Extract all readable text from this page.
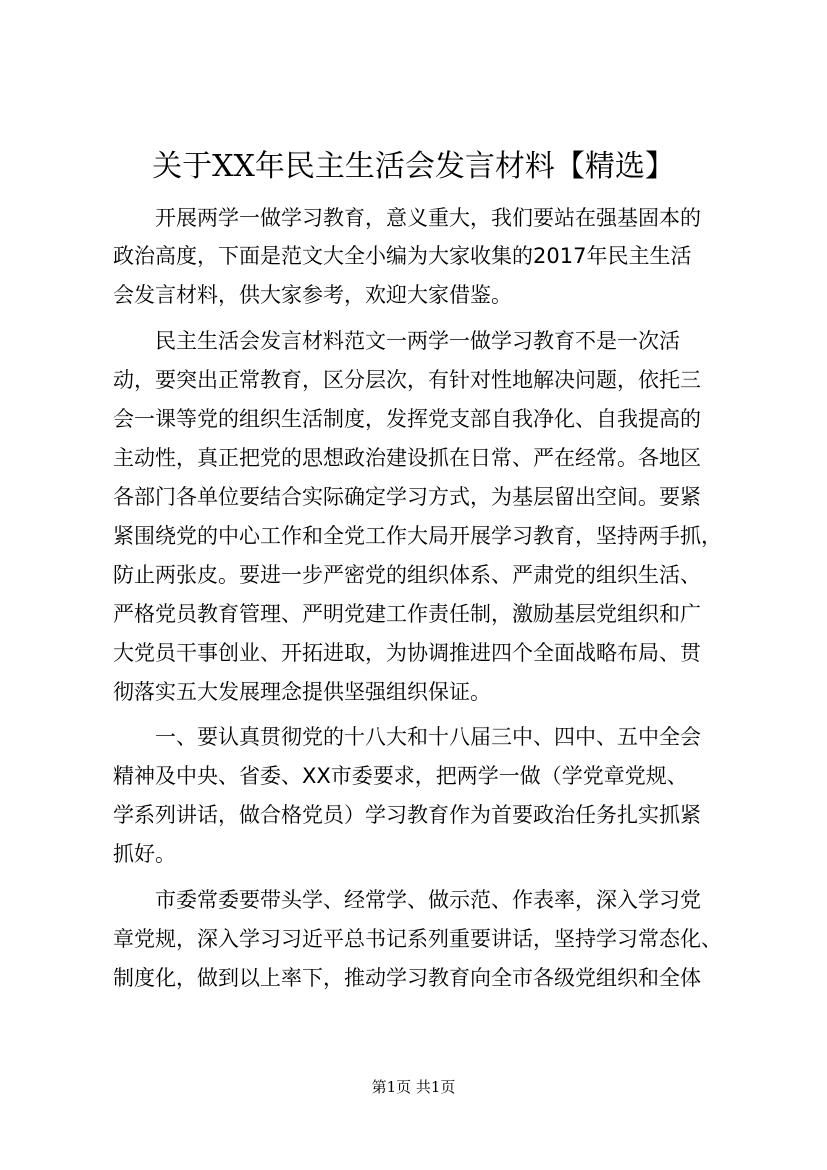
关于XX年民主生活会发言材料【精选】
开展两学一做学习教育，意义重大，我们要站在强基固本的
政治高度，下面是范文大全小编为大家收集的2017年民主生活
会发言材料，供大家参考，欢迎大家借鉴。
民主生活会发言材料范文一两学一做学习教育不是一次活
动，要突出正常教育，区分层次，有针对性地解决问题，依托三
会一课等党的组织生活制度，发挥党支部自我净化、自我提高的
主动性，真正把党的思想政治建设抓在日常、严在经常。各地区
各部门各单位要结合实际确定学习方式，为基层留出空间。要紧
紧围绕党的中心工作和全党工作大局开展学习教育，坚持两手抓，
防止两张皮。要进一步严密党的组织体系、严肃党的组织生活、
严格党员教育管理、严明党建工作责任制，激励基层党组织和广
大党员干事创业、开拓进取，为协调推进四个全面战略布局、贯
彻落实五大发展理念提供坚强组织保证。
一、要认真贯彻党的十八大和十八届三中、四中、五中全会
精神及中央、省委、XX市委要求，把两学一做（学党章党规、
学系列讲话，做合格党员）学习教育作为首要政治任务扎实抓紧
抓好。
市委常委要带头学、经常学、做示范、作表率，深入学习党
章党规，深入学习习近平总书记系列重要讲话，坚持学习常态化、
制度化，做到以上率下，推动学习教育向全市各级党组织和全体
第1页 共1页
